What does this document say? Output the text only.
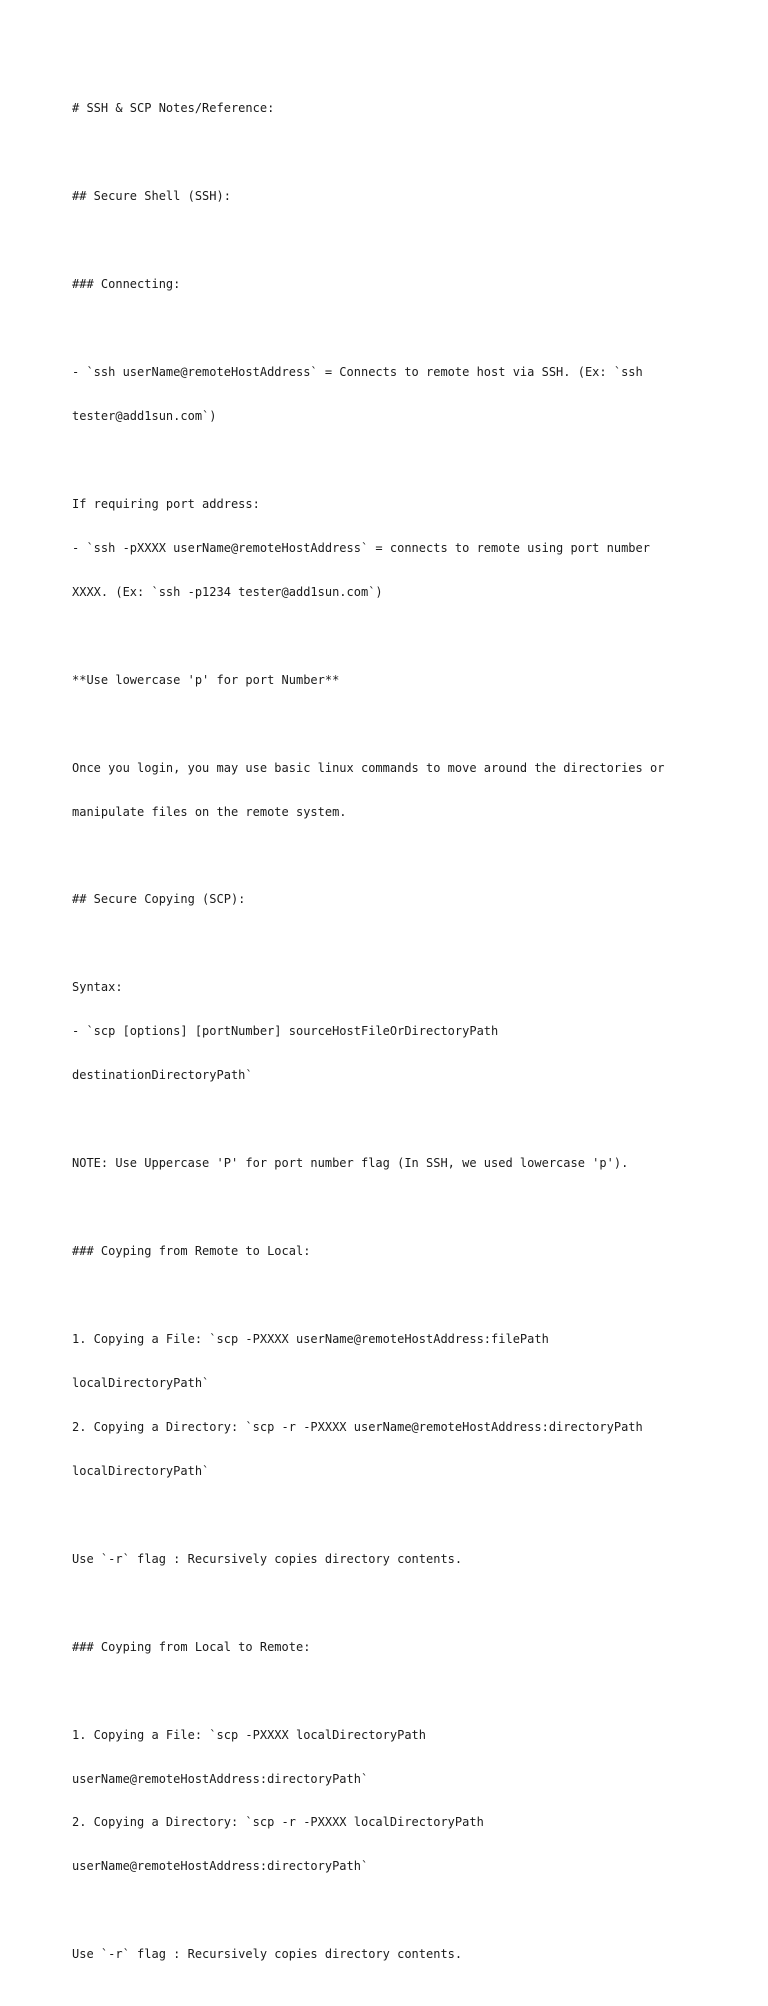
# SSH & SCP Notes/Reference:

## Secure Shell (SSH):

### Connecting:

- `ssh userName@remoteHostAddress` = Connects to remote host via SSH. (Ex: `ssh

tester@add1sun.com`)

If requiring port address:

- `ssh -pXXXX userName@remoteHostAddress` = connects to remote using port number

XXXX. (Ex: `ssh -p1234 tester@add1sun.com`)

**Use lowercase 'p' for port Number**

Once you login, you may use basic linux commands to move around the directories or

manipulate files on the remote system.

## Secure Copying (SCP):

Syntax:

- `scp [options] [portNumber] sourceHostFileOrDirectoryPath

destinationDirectoryPath`

NOTE: Use Uppercase 'P' for port number flag (In SSH, we used lowercase 'p').

### Coyping from Remote to Local:

1. Copying a File: `scp -PXXXX userName@remoteHostAddress:filePath

localDirectoryPath`

2. Copying a Directory: `scp -r -PXXXX userName@remoteHostAddress:directoryPath

localDirectoryPath`

Use `-r` flag : Recursively copies directory contents.

### Coyping from Local to Remote:

1. Copying a File: `scp -PXXXX localDirectoryPath

userName@remoteHostAddress:directoryPath`

2. Copying a Directory: `scp -r -PXXXX localDirectoryPath

userName@remoteHostAddress:directoryPath`

Use `-r` flag : Recursively copies directory contents.
